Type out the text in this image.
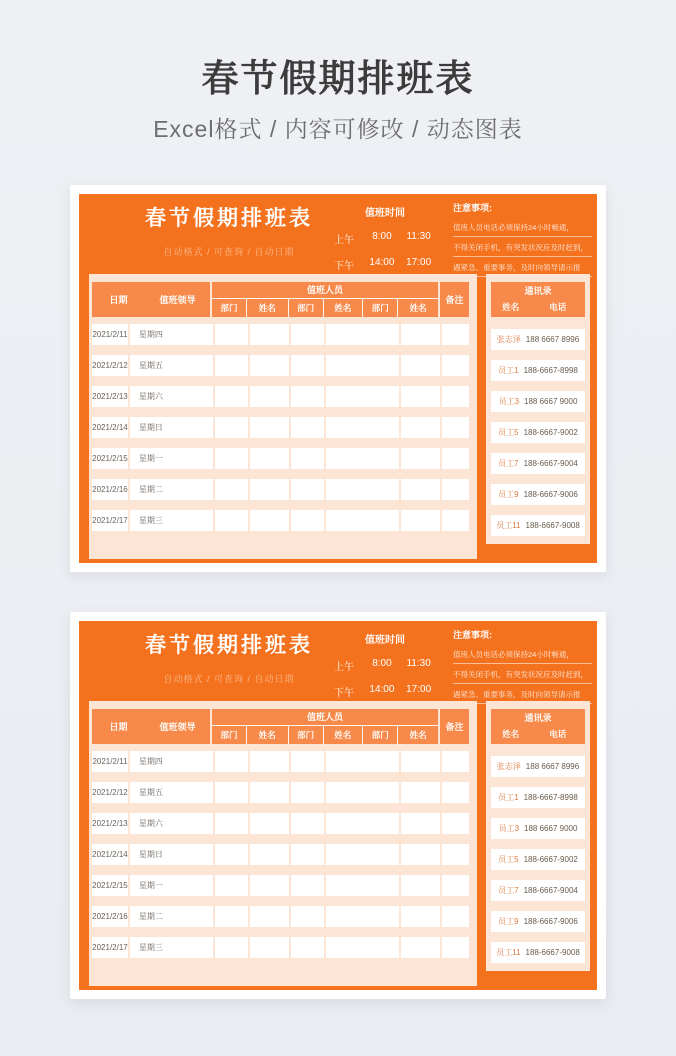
春节假期排班表
Excel格式 / 内容可修改 / 动态图表
春节假期排班表
自动格式 / 可查询 / 自动日期
值班时间
上午	8:00	11:30
下午	14:00	17:00
注意事项:
值班人员电话必须保持24小时畅通，
不得关闭手机，有突发状况应及时赶到，
遇紧急、重要事务，及时向领导请示报
日期	值班领导
值班人员
部门	姓名	部门	姓名	部门	姓名
备注
2021/2/11	星期四
2021/2/12	星期五
2021/2/13	星期六
2021/2/14	星期日
2021/2/15	星期一
2021/2/16	星期二
2021/2/17	星期三
通讯录
姓名	电话
张志泽 188 6667 8996
员工1 188-6667-8998
员工3 188 6667 9000
员工5 188-6667-9002
员工7 188-6667-9004
员工9 188-6667-9006
员工11 188-6667-9008
春节假期排班表
自动格式 / 可查询 / 自动日期
值班时间
上午	8:00	11:30
下午	14:00	17:00
注意事项:
值班人员电话必须保持24小时畅通，
不得关闭手机，有突发状况应及时赶到，
遇紧急、重要事务，及时向领导请示报
日期	值班领导
值班人员
部门	姓名	部门	姓名	部门	姓名
备注
2021/2/11	星期四
2021/2/12	星期五
2021/2/13	星期六
2021/2/14	星期日
2021/2/15	星期一
2021/2/16	星期二
2021/2/17	星期三
通讯录
姓名	电话
张志泽 188 6667 8996
员工1 188-6667-8998
员工3 188 6667 9000
员工5 188-6667-9002
员工7 188-6667-9004
员工9 188-6667-9006
员工11 188-6667-9008
